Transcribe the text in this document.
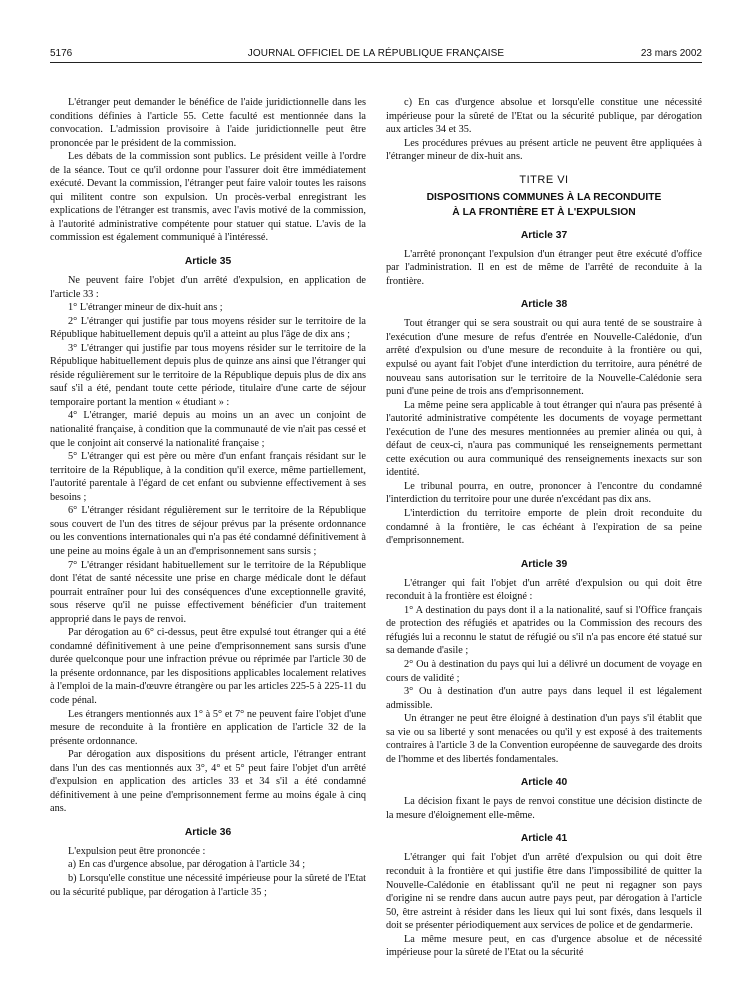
5176	JOURNAL OFFICIEL DE LA RÉPUBLIQUE FRANÇAISE	23 mars 2002

L'étranger peut demander le bénéfice de l'aide juridictionnelle dans les conditions définies à l'article 55. Cette faculté est mentionnée dans la convocation. L'admission provisoire à l'aide juridictionnelle peut être prononcée par le président de la commission.

Les débats de la commission sont publics. Le président veille à l'ordre de la séance. Tout ce qu'il ordonne pour l'assurer doit être immédiatement exécuté. Devant la commission, l'étranger peut faire valoir toutes les raisons qui militent contre son expulsion. Un procès-verbal enregistrant les explications de l'étranger est transmis, avec l'avis motivé de la commission, à l'autorité administrative compétente pour statuer qui statue. L'avis de la commission est également communiqué à l'intéressé.

Article 35

Ne peuvent faire l'objet d'un arrêté d'expulsion, en application de l'article 33 :

1° L'étranger mineur de dix-huit ans ;

2° L'étranger qui justifie par tous moyens résider sur le territoire de la République habituellement depuis qu'il a atteint au plus l'âge de dix ans ;

3° L'étranger qui justifie par tous moyens résider sur le territoire de la République habituellement depuis plus de quinze ans ainsi que l'étranger qui réside régulièrement sur le territoire de la République depuis plus de dix ans sauf s'il a été, pendant toute cette période, titulaire d'une carte de séjour temporaire portant la mention « étudiant » :

4° L'étranger, marié depuis au moins un an avec un conjoint de nationalité française, à condition que la communauté de vie n'ait pas cessé et que le conjoint ait conservé la nationalité française ;

5° L'étranger qui est père ou mère d'un enfant français résidant sur le territoire de la République, à la condition qu'il exerce, même partiellement, l'autorité parentale à l'égard de cet enfant ou subvienne effectivement à ses besoins ;

6° L'étranger résidant régulièrement sur le territoire de la République sous couvert de l'un des titres de séjour prévus par la présente ordonnance ou les conventions internationales qui n'a pas été condamné définitivement à une peine au moins égale à un an d'emprisonnement sans sursis ;

7° L'étranger résidant habituellement sur le territoire de la République dont l'état de santé nécessite une prise en charge médicale dont le défaut pourrait entraîner pour lui des conséquences d'une exceptionnelle gravité, sous réserve qu'il ne puisse effectivement bénéficier d'un traitement approprié dans le pays de renvoi.

Par dérogation au 6° ci-dessus, peut être expulsé tout étranger qui a été condamné définitivement à une peine d'emprisonnement sans sursis d'une durée quelconque pour une infraction prévue ou réprimée par l'article 30 de la présente ordonnance, par les dispositions applicables localement relatives à l'emploi de la main-d'œuvre étrangère ou par les articles 225-5 à 225-11 du code pénal.

Les étrangers mentionnés aux 1° à 5° et 7° ne peuvent faire l'objet d'une mesure de reconduite à la frontière en application de l'article 32 de la présente ordonnance.

Par dérogation aux dispositions du présent article, l'étranger entrant dans l'un des cas mentionnés aux 3°, 4° et 5° peut faire l'objet d'un arrêté d'expulsion en application des articles 33 et 34 s'il a été condamné définitivement à une peine d'emprisonnement ferme au moins égale à cinq ans.

Article 36

L'expulsion peut être prononcée :

a) En cas d'urgence absolue, par dérogation à l'article 34 ;

b) Lorsqu'elle constitue une nécessité impérieuse pour la sûreté de l'Etat ou la sécurité publique, par dérogation à l'article 35 ;

c) En cas d'urgence absolue et lorsqu'elle constitue une nécessité impérieuse pour la sûreté de l'Etat ou la sécurité publique, par dérogation aux articles 34 et 35.

Les procédures prévues au présent article ne peuvent être appliquées à l'étranger mineur de dix-huit ans.

TITRE VI
DISPOSITIONS COMMUNES À LA RECONDUITE
À LA FRONTIÈRE ET À L'EXPULSION
Article 37

L'arrêté prononçant l'expulsion d'un étranger peut être exécuté d'office par l'administration. Il en est de même de l'arrêté de reconduite à la frontière.

Article 38

Tout étranger qui se sera soustrait ou qui aura tenté de se soustraire à l'exécution d'une mesure de refus d'entrée en Nouvelle-Calédonie, d'un arrêté d'expulsion ou d'une mesure de reconduite à la frontière ou qui, expulsé ou ayant fait l'objet d'une interdiction du territoire, aura pénétré de nouveau sans autorisation sur le territoire de la Nouvelle-Calédonie sera puni d'une peine de trois ans d'emprisonnement.

La même peine sera applicable à tout étranger qui n'aura pas présenté à l'autorité administrative compétente les documents de voyage permettant l'exécution de l'une des mesures mentionnées au premier alinéa ou qui, à défaut de ceux-ci, n'aura pas communiqué les renseignements permettant cette exécution ou aura communiqué des renseignements inexacts sur son identité.

Le tribunal pourra, en outre, prononcer à l'encontre du condamné l'interdiction du territoire pour une durée n'excédant pas dix ans.

L'interdiction du territoire emporte de plein droit reconduite du condamné à la frontière, le cas échéant à l'expiration de sa peine d'emprisonnement.

Article 39

L'étranger qui fait l'objet d'un arrêté d'expulsion ou qui doit être reconduit à la frontière est éloigné :

1° A destination du pays dont il a la nationalité, sauf si l'Office français de protection des réfugiés et apatrides ou la Commission des recours des réfugiés lui a reconnu le statut de réfugié ou s'il n'a pas encore été statué sur sa demande d'asile ;

2° Ou à destination du pays qui lui a délivré un document de voyage en cours de validité ;

3° Ou à destination d'un autre pays dans lequel il est légalement admissible.

Un étranger ne peut être éloigné à destination d'un pays s'il établit que sa vie ou sa liberté y sont menacées ou qu'il y est exposé à des traitements contraires à l'article 3 de la Convention européenne de sauvegarde des droits de l'homme et des libertés fondamentales.

Article 40

La décision fixant le pays de renvoi constitue une décision distincte de la mesure d'éloignement elle-même.

Article 41

L'étranger qui fait l'objet d'un arrêté d'expulsion ou qui doit être reconduit à la frontière et qui justifie être dans l'impossibilité de quitter la Nouvelle-Calédonie en établissant qu'il ne peut ni regagner son pays d'origine ni se rendre dans aucun autre pays peut, par dérogation à l'article 50, être astreint à résider dans les lieux qui lui sont fixés, dans lesquels il doit se présenter périodiquement aux services de police et de gendarmerie.

La même mesure peut, en cas d'urgence absolue et de nécessité impérieuse pour la sûreté de l'Etat ou la sécurité
